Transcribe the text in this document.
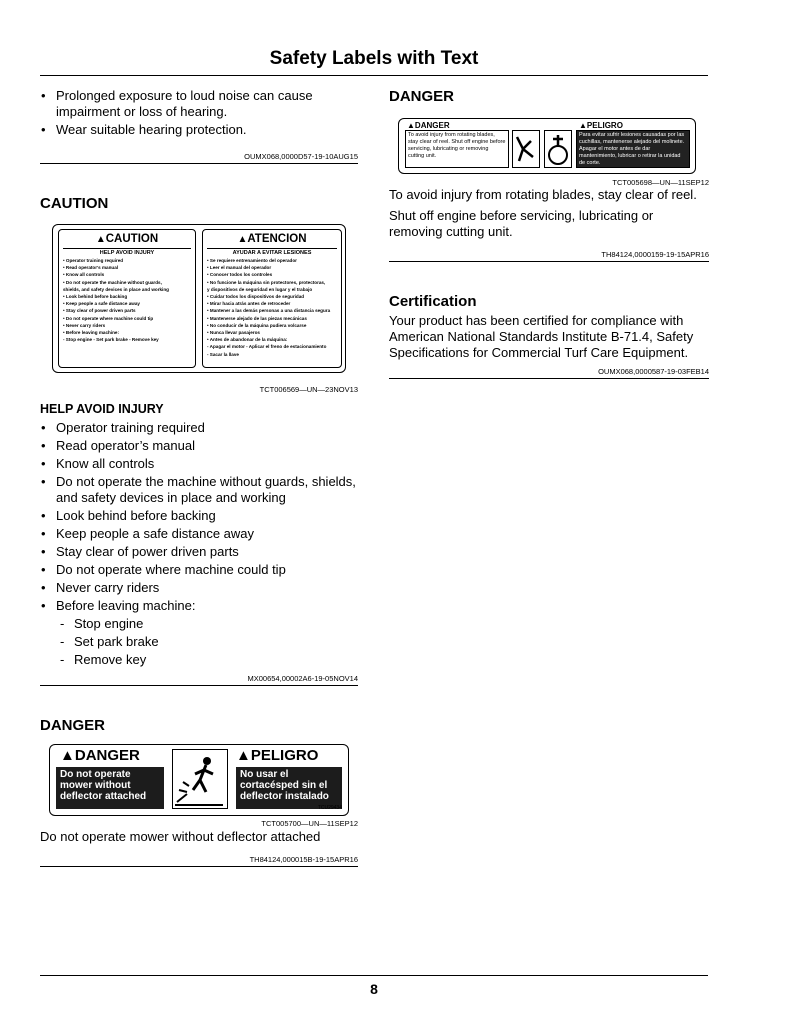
Safety Labels with Text
• Prolonged exposure to loud noise can cause impairment or loss of hearing.
• Wear suitable hearing protection.
OUMX068,0000D57-19-10AUG15
CAUTION
▲CAUTION
HELP AVOID INJURY
• Operator training required
• Read operator's manual
• Know all controls
• Do not operate the machine without guards,
shields, and safety devices in place and working
• Look behind before backing
• Keep people a safe distance away
• Stay clear of power driven parts
• Do not operate where machine could tip
• Never carry riders
• Before leaving machine:
- Stop engine - Set park brake - Remove key
▲ATENCION
AYUDAR A EVITAR LESIONES
• Se requiere entrenamiento del operador
• Leer el manual del operador
• Conocer todos los controles
• No funcione la máquina sin protectores, protectoras,
y dispositivos de seguridad en lugar y el trabajo
• Cuidar todos los dispositivos de seguridad
• Mirar hacia atrás antes de retroceder
• Mantener a las demás personas a una distancia segura
• Mantenerse alejado de las piezas mecánicas
• No conducir de la máquina pudiera volcarse
• Nunca llevar pasajeros
• Antes de abandonar de la máquina:
- Apagar el motor - Aplicar el freno de estacionamiento
- Sacar la llave
TCT006569—UN—23NOV13
HELP AVOID INJURY
• Operator training required
• Read operator’s manual
• Know all controls
• Do not operate the machine without guards, shields, and safety devices in place and working
• Look behind before backing
• Keep people a safe distance away
• Stay clear of power driven parts
• Do not operate where machine could tip
• Never carry riders
• Before leaving machine:
- Stop engine
- Set park brake
- Remove key
MX00654,00002A6-19-05NOV14
DANGER
▲DANGER	▲PELIGRO
Do not operate mower without deflector attached
No usar el cortacésped sin el deflector instalado
TCU29434
TCT005700—UN—11SEP12
Do not operate mower without deflector attached
TH84124,000015B-19-15APR16
DANGER
▲DANGER	▲PELIGRO
To avoid injury from rotating blades, stay clear of reel. Shut off engine before servicing, lubricating or removing cutting unit.
Para evitar sufrir lesiones causadas por las cuchillas, mantenerse alejado del molinete. Apagar el motor antes de dar mantenimiento, lubricar o retirar la unidad de corte.
TCT005698—UN—11SEP12
To avoid injury from rotating blades, stay clear of reel.
Shut off engine before servicing, lubricating or removing cutting unit.
TH84124,0000159-19-15APR16
Certification
Your product has been certified for compliance with American National Standards Institute B-71.4, Safety Specifications for Commercial Turf Care Equipment.
OUMX068,0000587-19-03FEB14
8
